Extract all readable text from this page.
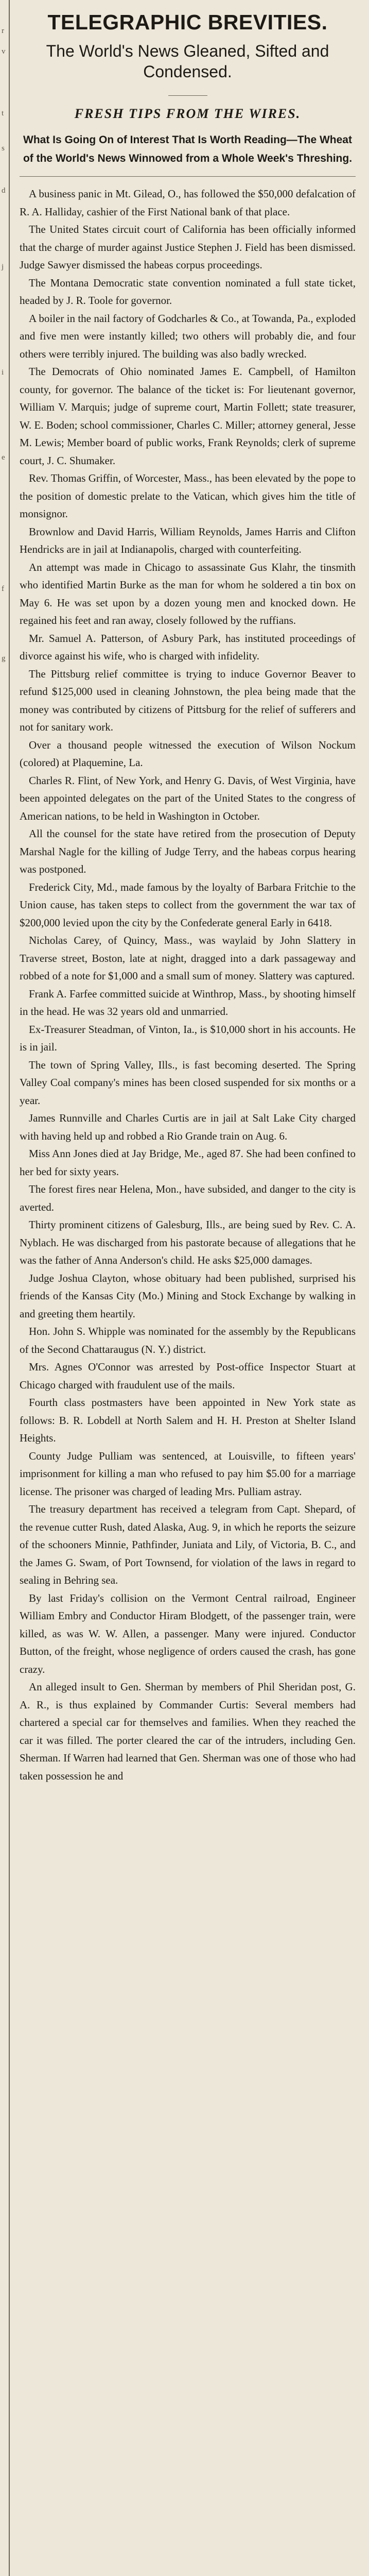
r
v
t
s
d
j
i
e
f
g
TELEGRAPHIC BREVITIES.

The World's News Gleaned, Sifted and Condensed.

FRESH TIPS FROM THE WIRES.

What Is Going On of Interest That Is Worth Reading—The Wheat of the World's News Winnowed from a Whole Week's Threshing.

A business panic in Mt. Gilead, O., has followed the $50,000 defalcation of R. A. Halliday, cashier of the First National bank of that place.

The United States circuit court of California has been officially informed that the charge of murder against Justice Stephen J. Field has been dismissed. Judge Sawyer dismissed the habeas corpus proceedings.

The Montana Democratic state convention nominated a full state ticket, headed by J. R. Toole for governor.

A boiler in the nail factory of Godcharles & Co., at Towanda, Pa., exploded and five men were instantly killed; two others will probably die, and four others were terribly injured. The building was also badly wrecked.

The Democrats of Ohio nominated James E. Campbell, of Hamilton county, for governor. The balance of the ticket is: For lieutenant governor, William V. Marquis; judge of supreme court, Martin Follett; state treasurer, W. E. Boden; school commissioner, Charles C. Miller; attorney general, Jesse M. Lewis; Member board of public works, Frank Reynolds; clerk of supreme court, J. C. Shumaker.

Rev. Thomas Griffin, of Worcester, Mass., has been elevated by the pope to the position of domestic prelate to the Vatican, which gives him the title of monsignor.

Brownlow and David Harris, William Reynolds, James Harris and Clifton Hendricks are in jail at Indianapolis, charged with counterfeiting.

An attempt was made in Chicago to assassinate Gus Klahr, the tinsmith who identified Martin Burke as the man for whom he soldered a tin box on May 6. He was set upon by a dozen young men and knocked down. He regained his feet and ran away, closely followed by the ruffians.

Mr. Samuel A. Patterson, of Asbury Park, has instituted proceedings of divorce against his wife, who is charged with infidelity.

The Pittsburg relief committee is trying to induce Governor Beaver to refund $125,000 used in cleaning Johnstown, the plea being made that the money was contributed by citizens of Pittsburg for the relief of sufferers and not for sanitary work.

Over a thousand people witnessed the execution of Wilson Nockum (colored) at Plaquemine, La.

Charles R. Flint, of New York, and Henry G. Davis, of West Virginia, have been appointed delegates on the part of the United States to the congress of American nations, to be held in Washington in October.

All the counsel for the state have retired from the prosecution of Deputy Marshal Nagle for the killing of Judge Terry, and the habeas corpus hearing was postponed.

Frederick City, Md., made famous by the loyalty of Barbara Fritchie to the Union cause, has taken steps to collect from the government the war tax of $200,000 levied upon the city by the Confederate general Early in 6418.

Nicholas Carey, of Quincy, Mass., was waylaid by John Slattery in Traverse street, Boston, late at night, dragged into a dark passageway and robbed of a note for $1,000 and a small sum of money. Slattery was captured.

Frank A. Farfee committed suicide at Winthrop, Mass., by shooting himself in the head. He was 32 years old and unmarried.

Ex-Treasurer Steadman, of Vinton, Ia., is $10,000 short in his accounts. He is in jail.

The town of Spring Valley, Ills., is fast becoming deserted. The Spring Valley Coal company's mines has been closed suspended for six months or a year.

James Runnville and Charles Curtis are in jail at Salt Lake City charged with having held up and robbed a Rio Grande train on Aug. 6.

Miss Ann Jones died at Jay Bridge, Me., aged 87. She had been confined to her bed for sixty years.

The forest fires near Helena, Mon., have subsided, and danger to the city is averted.

Thirty prominent citizens of Galesburg, Ills., are being sued by Rev. C. A. Nyblach. He was discharged from his pastorate because of allegations that he was the father of Anna Anderson's child. He asks $25,000 damages.

Judge Joshua Clayton, whose obituary had been published, surprised his friends of the Kansas City (Mo.) Mining and Stock Exchange by walking in and greeting them heartily.

Hon. John S. Whipple was nominated for the assembly by the Republicans of the Second Chattaraugus (N. Y.) district.

Mrs. Agnes O'Connor was arrested by Post-office Inspector Stuart at Chicago charged with fraudulent use of the mails.

Fourth class postmasters have been appointed in New York state as follows: B. R. Lobdell at North Salem and H. H. Preston at Shelter Island Heights.

County Judge Pulliam was sentenced, at Louisville, to fifteen years' imprisonment for killing a man who refused to pay him $5.00 for a marriage license. The prisoner was charged of leading Mrs. Pulliam astray.

The treasury department has received a telegram from Capt. Shepard, of the revenue cutter Rush, dated Alaska, Aug. 9, in which he reports the seizure of the schooners Minnie, Pathfinder, Juniata and Lily, of Victoria, B. C., and the James G. Swam, of Port Townsend, for violation of the laws in regard to sealing in Behring sea.

By last Friday's collision on the Vermont Central railroad, Engineer William Embry and Conductor Hiram Blodgett, of the passenger train, were killed, as was W. W. Allen, a passenger. Many were injured. Conductor Button, of the freight, whose negligence of orders caused the crash, has gone crazy.

An alleged insult to Gen. Sherman by members of Phil Sheridan post, G. A. R., is thus explained by Commander Curtis: Several members had chartered a special car for themselves and families. When they reached the car it was filled. The porter cleared the car of the intruders, including Gen. Sherman. If Warren had learned that Gen. Sherman was one of those who had taken possession he and
